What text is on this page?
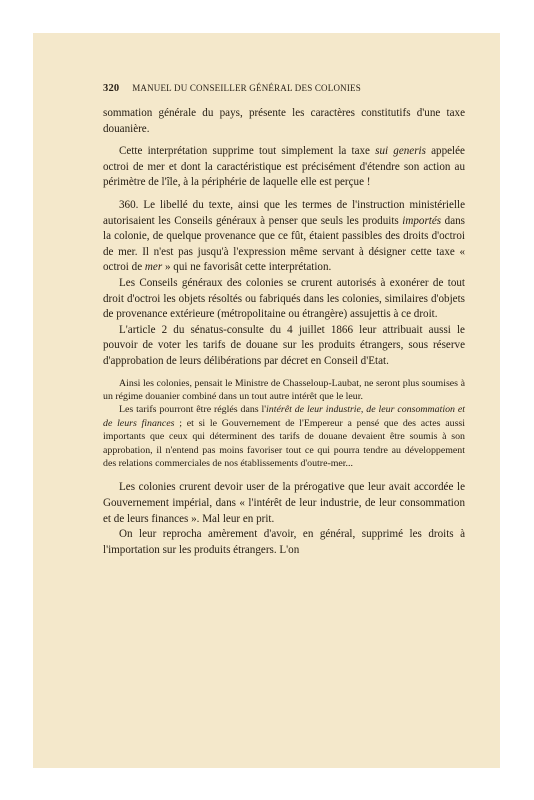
320 MANUEL DU CONSEILLER GÉNÉRAL DES COLONIES

sommation générale du pays, présente les caractères constitutifs d'une taxe douanière.

Cette interprétation supprime tout simplement la taxe sui generis appelée octroi de mer et dont la caractéristique est précisément d'étendre son action au périmètre de l'île, à la périphérie de laquelle elle est perçue !

360. Le libellé du texte, ainsi que les termes de l'instruction ministérielle autorisaient les Conseils généraux à penser que seuls les produits importés dans la colonie, de quelque provenance que ce fût, étaient passibles des droits d'octroi de mer. Il n'est pas jusqu'à l'expression même servant à désigner cette taxe « octroi de mer » qui ne favorisât cette interprétation.

Les Conseils généraux des colonies se crurent autorisés à exonérer de tout droit d'octroi les objets résoltés ou fabriqués dans les colonies, similaires d'objets de provenance extérieure (métropolitaine ou étrangère) assujettis à ce droit.

L'article 2 du sénatus-consulte du 4 juillet 1866 leur attribuait aussi le pouvoir de voter les tarifs de douane sur les produits étrangers, sous réserve d'approbation de leurs délibérations par décret en Conseil d'Etat.

Ainsi les colonies, pensait le Ministre de Chasseloup-Laubat, ne seront plus soumises à un régime douanier combiné dans un tout autre intérêt que le leur.

Les tarifs pourront être réglés dans l'intérêt de leur industrie, de leur consommation et de leurs finances ; et si le Gouvernement de l'Empereur a pensé que des actes aussi importants que ceux qui déterminent des tarifs de douane devaient être soumis à son approbation, il n'entend pas moins favoriser tout ce qui pourra tendre au développement des relations commerciales de nos établissements d'outre-mer...

Les colonies crurent devoir user de la prérogative que leur avait accordée le Gouvernement impérial, dans « l'intérêt de leur industrie, de leur consommation et de leurs finances ». Mal leur en prit.

On leur reprocha amèrement d'avoir, en général, supprimé les droits à l'importation sur les produits étrangers. L'on
